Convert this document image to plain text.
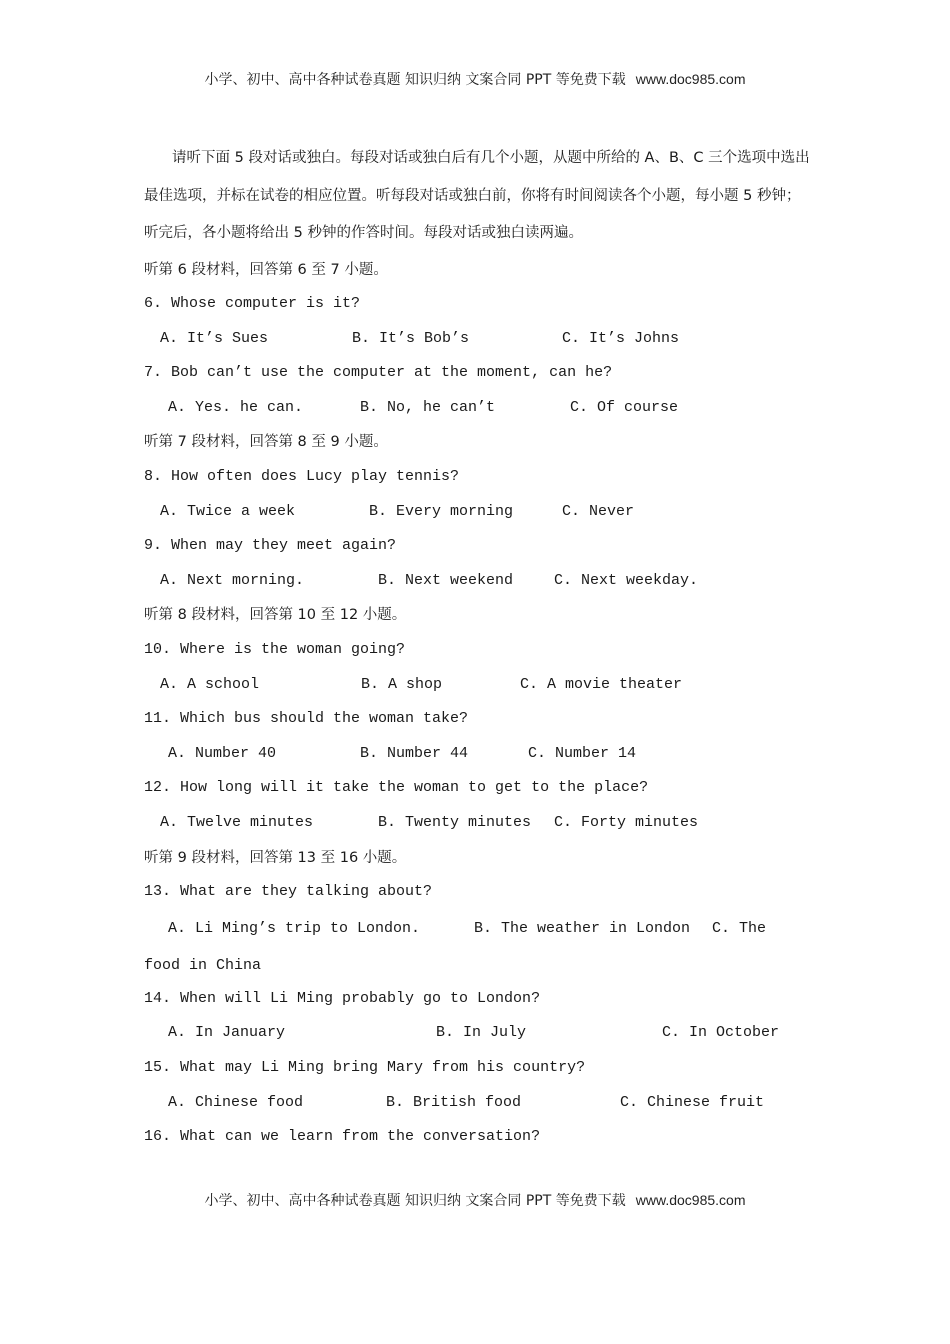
小学、初中、高中各种试卷真题 知识归纳 文案合同 PPT 等免费下载 www.doc985.com

请听下面 5 段对话或独白。每段对话或独白后有几个小题，从题中所给的 A、B、C 三个选项中选出最佳选项，并标在试卷的相应位置。听每段对话或独白前，你将有时间阅读各个小题，每小题 5 秒钟；听完后，各小题将给出 5 秒钟的作答时间。每段对话或独白读两遍。

听第 6 段材料，回答第 6 至 7 小题。
6. Whose computer is it?
A. It’s Sues	B. It’s Bob’s	C. It’s Johns
7. Bob can’t use the computer at the moment, can he?
A. Yes. he can.	B. No, he can’t	C. Of course
听第 7 段材料，回答第 8 至 9 小题。
8. How often does Lucy play tennis?
A. Twice a week	B. Every morning	C. Never
9. When may they meet again?
A. Next morning.	B. Next weekend	C. Next weekday.
听第 8 段材料，回答第 10 至 12 小题。
10. Where is the woman going?
A. A school	B. A shop	C. A movie theater
11. Which bus should the woman take?
A. Number 40	B. Number 44	C. Number 14
12. How long will it take the woman to get to the place?
A. Twelve minutes	B. Twenty minutes C. Forty minutes
听第 9 段材料，回答第 13 至 16 小题。
13. What are they talking about?
A. Li Ming’s trip to London.	B. The weather in London C. The food in China
14. When will Li Ming probably go to London?
A. In January	B. In July	C. In October
15. What may Li Ming bring Mary from his country?
A. Chinese food	B. British food	C. Chinese fruit
16. What can we learn from the conversation?
小学、初中、高中各种试卷真题 知识归纳 文案合同 PPT 等免费下载 www.doc985.com
